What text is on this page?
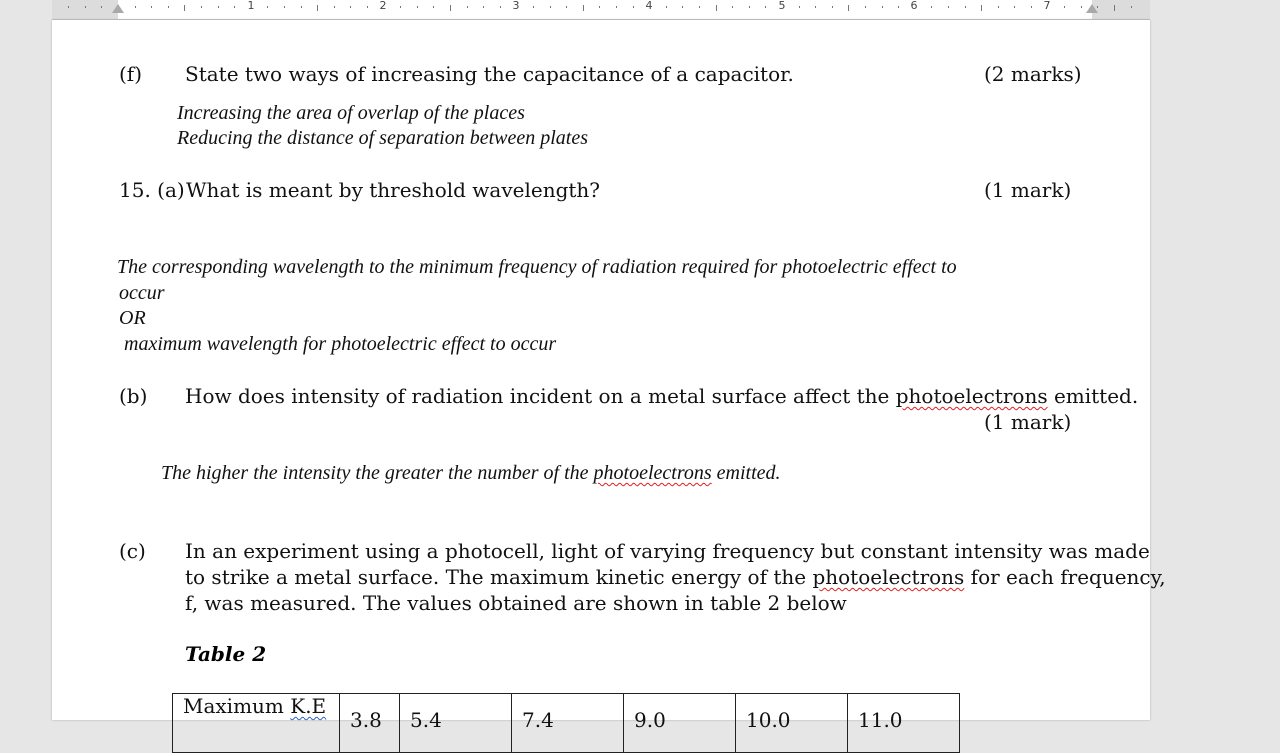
1	2	3	4	5	6	7
(f) State two ways of increasing the capacitance of a capacitor.	(2 marks)
Increasing the area of overlap of the places
Reducing the distance of separation between plates
15. (a) What is meant by threshold wavelength?	(1 mark)
The corresponding wavelength to the minimum frequency of radiation required for photoelectric effect to
occur
OR
maximum wavelength for photoelectric effect to occur
(b) How does intensity of radiation incident on a metal surface affect the photoelectrons emitted.
(1 mark)
The higher the intensity the greater the number of the photoelectrons emitted.
(c) In an experiment using a photocell, light of varying frequency but constant intensity was made
to strike a metal surface. The maximum kinetic energy of the photoelectrons for each frequency,
f, was measured. The values obtained are shown in table 2 below
Table 2
Maximum K.E	3.8	5.4	7.4	9.0	10.0	11.0
